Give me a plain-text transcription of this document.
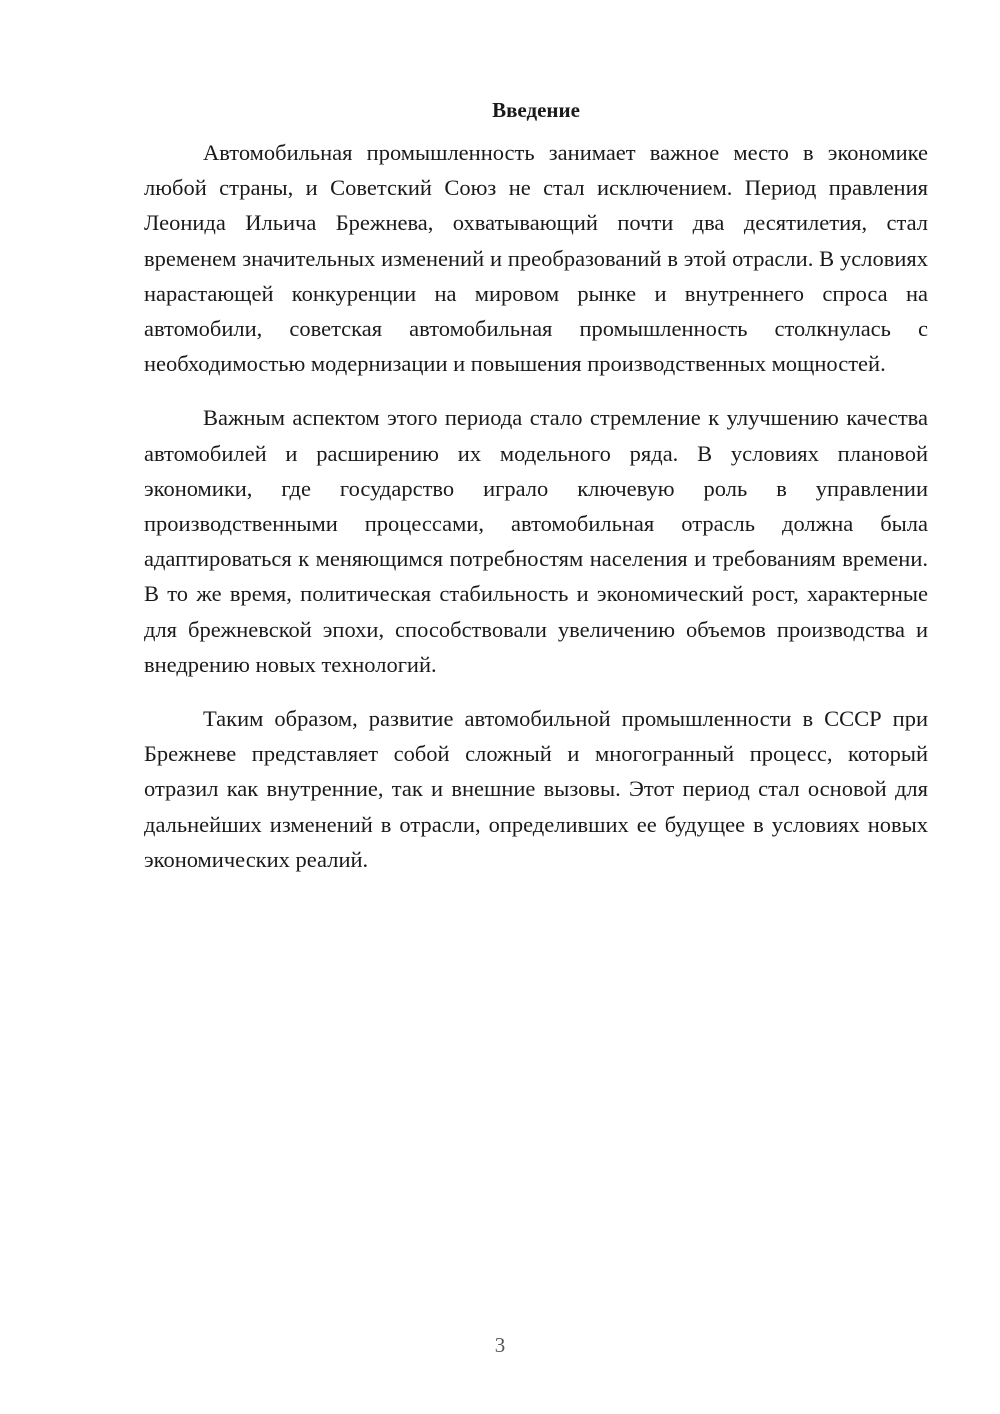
Введение

Автомобильная промышленность занимает важное место в экономике любой страны, и Советский Союз не стал исключением. Период правления Леонида Ильича Брежнева, охватывающий почти два десятилетия, стал временем значительных изменений и преобразований в этой отрасли. В условиях нарастающей конкуренции на мировом рынке и внутреннего спроса на автомобили, советская автомобильная промышленность столкнулась с необходимостью модернизации и повышения производственных мощностей.

Важным аспектом этого периода стало стремление к улучшению качества автомобилей и расширению их модельного ряда. В условиях плановой экономики, где государство играло ключевую роль в управлении производственными процессами, автомобильная отрасль должна была адаптироваться к меняющимся потребностям населения и требованиям времени. В то же время, политическая стабильность и экономический рост, характерные для брежневской эпохи, способствовали увеличению объемов производства и внедрению новых технологий.

Таким образом, развитие автомобильной промышленности в СССР при Брежневе представляет собой сложный и многогранный процесс, который отразил как внутренние, так и внешние вызовы. Этот период стал основой для дальнейших изменений в отрасли, определивших ее будущее в условиях новых экономических реалий.

3
